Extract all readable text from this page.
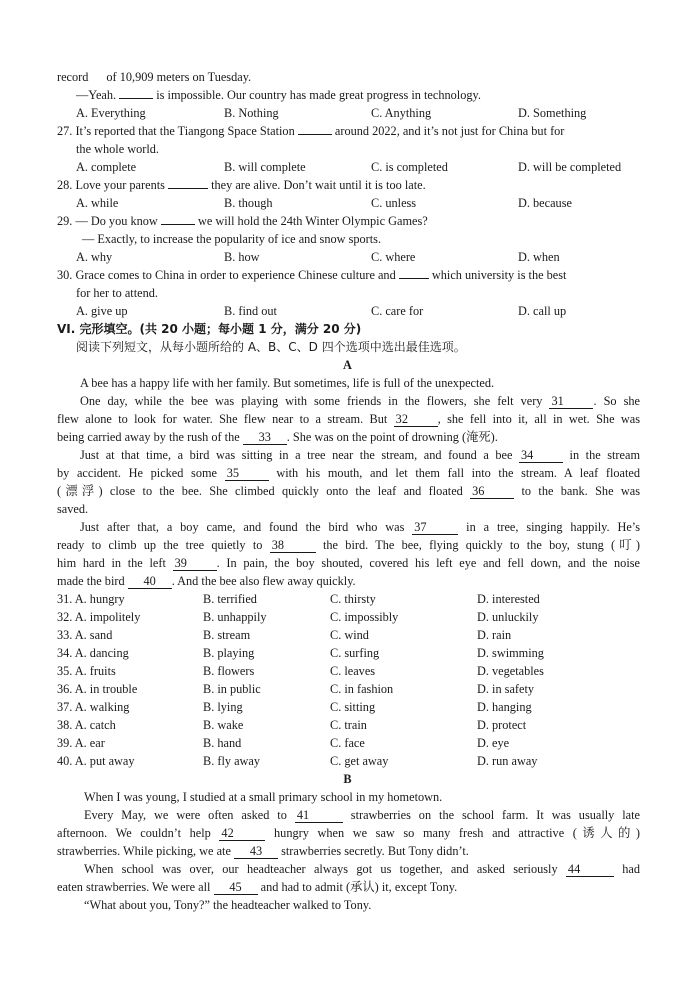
record of 10,909 meters on Tuesday.
—Yeah.	is impossible. Our country has made great progress in technology.
A. Everything	B. Nothing	C. Anything	D. Something
27. It’s reported that the Tiangong Space Station	around 2022, and it’s not just for China but for
the whole world.
A. complete	B. will complete	C. is completed	D. will be completed
28. Love your parents	they are alive. Don’t wait until it is too late.
A. while	B. though	C. unless	D. because
29. — Do you know	we will hold the 24th Winter Olympic Games?
— Exactly, to increase the popularity of ice and snow sports.
A. why	B. how	C. where	D. when
30. Grace comes to China in order to experience Chinese culture and	which university is the best
for her to attend.
A. give up	B. find out	C. care for	D. call up
VI. 完形填空。(共 20 小题；每小题 1 分，满分 20 分)
阅读下列短文，从每小题所给的 A、B、C、D 四个选项中选出最佳选项。
A
A bee has a happy life with her family. But sometimes, life is full of the unexpected.
One day, while the bee was playing with some friends in the flowers, she felt very 31 . So she
flew alone to look for water. She flew near to a stream. But 32 , she fell into it, all in wet. She was
being carried away by the rush of the 33 . She was on the point of drowning (淹死).
Just at that time, a bird was sitting in a tree near the stream, and found a bee 34	in the stream
by accident. He picked some 35	with his mouth, and let them fall into the stream. A leaf floated
(漂浮) close to the bee. She climbed quickly onto the leaf and floated 36	to the bank. She was
saved.
Just after that, a boy came, and found the bird who was 37	in a tree, singing happily. He’s
ready to climb up the tree quietly to 38	the bird. The bee, flying quickly to the boy, stung (叮)
him hard in the left 39 . In pain, the boy shouted, covered his left eye and fell down, and the noise
made the bird 40 . And the bee also flew away quickly.
31. A. hungry	B. terrified	C. thirsty	D. interested
32. A. impolitely	B. unhappily	C. impossibly	D. unluckily
33. A. sand	B. stream	C. wind	D. rain
34. A. dancing	B. playing	C. surfing	D. swimming
35. A. fruits	B. flowers	C. leaves	D. vegetables
36. A. in trouble	B. in public	C. in fashion	D. in safety
37. A. walking	B. lying	C. sitting	D. hanging
38. A. catch	B. wake	C. train	D. protect
39. A. ear	B. hand	C. face	D. eye
40. A. put away	B. fly away	C. get away	D. run away
B
When I was young, I studied at a small primary school in my hometown.
Every May, we were often asked to 41	strawberries on the school farm. It was usually late
afternoon. We couldn’t help 42	hungry when we saw so many fresh and attractive (诱人的)
strawberries. While picking, we ate 43 strawberries secretly. But Tony didn’t.
When school was over, our headteacher always got us together, and asked seriously 44	had
eaten strawberries. We were all 45 and had to admit (承认) it, except Tony.
“What about you, Tony?” the headteacher walked to Tony.
